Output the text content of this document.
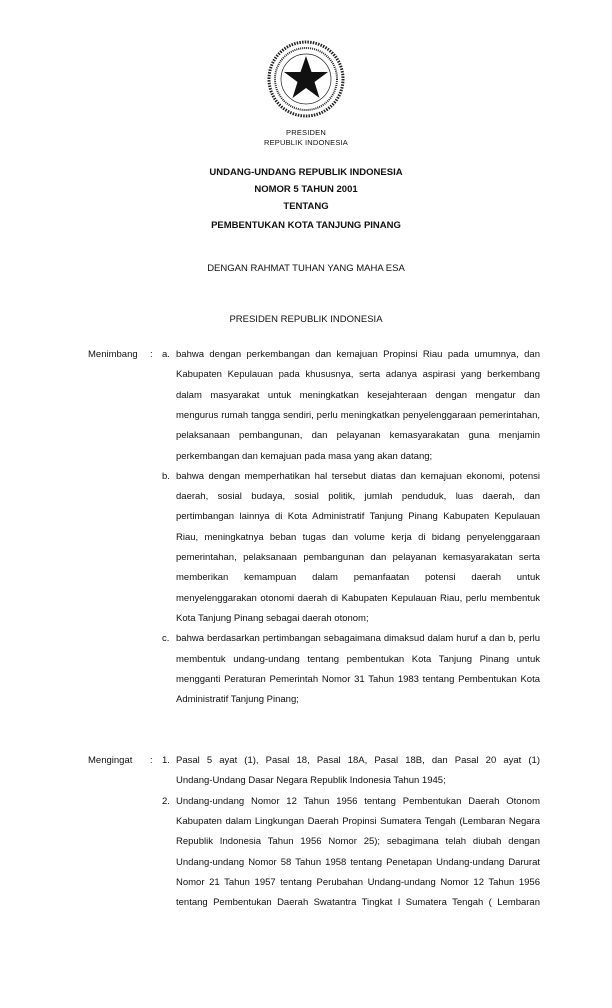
PRESIDEN
REPUBLIK INDONESIA
UNDANG-UNDANG REPUBLIK INDONESIA
NOMOR 5 TAHUN 2001
TENTANG
PEMBENTUKAN KOTA TANJUNG PINANG
DENGAN RAHMAT TUHAN YANG MAHA ESA
PRESIDEN REPUBLIK INDONESIA
Menimbang : a. bahwa dengan perkembangan dan kemajuan Propinsi Riau pada umumnya, dan
Kabupaten Kepulauan pada khususnya, serta adanya aspirasi yang berkembang
dalam masyarakat untuk meningkatkan kesejahteraan dengan mengatur dan
mengurus rumah tangga sendiri, perlu meningkatkan penyelenggaraan pemerintahan,
pelaksanaan pembangunan, dan pelayanan kemasyarakatan guna menjamin
perkembangan dan kemajuan pada masa yang akan datang;
b. bahwa dengan memperhatikan hal tersebut diatas dan kemajuan ekonomi, potensi
daerah, sosial budaya, sosial politik, jumlah penduduk, luas daerah, dan
pertimbangan lainnya di Kota Administratif Tanjung Pinang Kabupaten Kepulauan
Riau, meningkatnya beban tugas dan volume kerja di bidang penyelenggaraan
pemerintahan, pelaksanaan pembangunan dan pelayanan kemasyarakatan serta
memberikan kemampuan dalam pemanfaatan potensi daerah untuk
menyelenggarakan otonomi daerah di Kabupaten Kepulauan Riau, perlu membentuk
Kota Tanjung Pinang sebagai daerah otonom;
c. bahwa berdasarkan pertimbangan sebagaimana dimaksud dalam huruf a dan b, perlu
membentuk undang-undang tentang pembentukan Kota Tanjung Pinang untuk
mengganti Peraturan Pemerintah Nomor 31 Tahun 1983 tentang Pembentukan Kota
Administratif Tanjung Pinang;
Mengingat : 1. Pasal 5 ayat (1), Pasal 18, Pasal 18A, Pasal 18B, dan Pasal 20 ayat (1)
Undang-Undang Dasar Negara Republik Indonesia Tahun 1945;
2. Undang-undang Nomor 12 Tahun 1956 tentang Pembentukan Daerah Otonom
Kabupaten dalam Lingkungan Daerah Propinsi Sumatera Tengah (Lembaran Negara
Republik Indonesia Tahun 1956 Nomor 25); sebagimana telah diubah dengan
Undang-undang Nomor 58 Tahun 1958 tentang Penetapan Undang-undang Darurat
Nomor 21 Tahun 1957 tentang Perubahan Undang-undang Nomor 12 Tahun 1956
tentang Pembentukan Daerah Swatantra Tingkat I Sumatera Tengah ( Lembaran
